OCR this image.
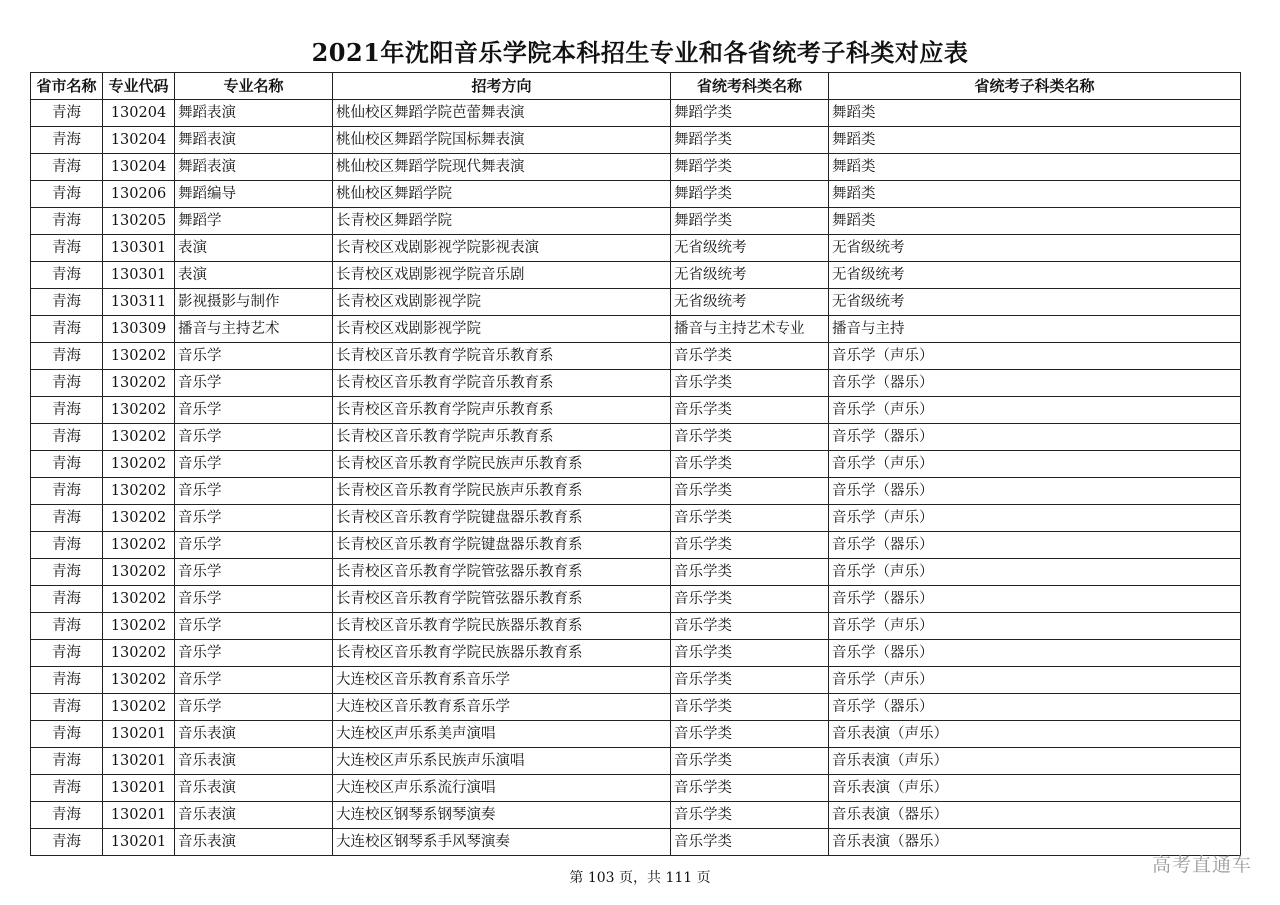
2021年沈阳音乐学院本科招生专业和各省统考子科类对应表
省市名称	专业代码	专业名称	招考方向	省统考科类名称	省统考子科类名称
青海	130204	舞蹈表演	桃仙校区舞蹈学院芭蕾舞表演	舞蹈学类	舞蹈类
青海	130204	舞蹈表演	桃仙校区舞蹈学院国标舞表演	舞蹈学类	舞蹈类
青海	130204	舞蹈表演	桃仙校区舞蹈学院现代舞表演	舞蹈学类	舞蹈类
青海	130206	舞蹈编导	桃仙校区舞蹈学院	舞蹈学类	舞蹈类
青海	130205	舞蹈学	长青校区舞蹈学院	舞蹈学类	舞蹈类
青海	130301	表演	长青校区戏剧影视学院影视表演	无省级统考	无省级统考
青海	130301	表演	长青校区戏剧影视学院音乐剧	无省级统考	无省级统考
青海	130311	影视摄影与制作	长青校区戏剧影视学院	无省级统考	无省级统考
青海	130309	播音与主持艺术	长青校区戏剧影视学院	播音与主持艺术专业	播音与主持
青海	130202	音乐学	长青校区音乐教育学院音乐教育系	音乐学类	音乐学（声乐）
青海	130202	音乐学	长青校区音乐教育学院音乐教育系	音乐学类	音乐学（器乐）
青海	130202	音乐学	长青校区音乐教育学院声乐教育系	音乐学类	音乐学（声乐）
青海	130202	音乐学	长青校区音乐教育学院声乐教育系	音乐学类	音乐学（器乐）
青海	130202	音乐学	长青校区音乐教育学院民族声乐教育系	音乐学类	音乐学（声乐）
青海	130202	音乐学	长青校区音乐教育学院民族声乐教育系	音乐学类	音乐学（器乐）
青海	130202	音乐学	长青校区音乐教育学院键盘器乐教育系	音乐学类	音乐学（声乐）
青海	130202	音乐学	长青校区音乐教育学院键盘器乐教育系	音乐学类	音乐学（器乐）
青海	130202	音乐学	长青校区音乐教育学院管弦器乐教育系	音乐学类	音乐学（声乐）
青海	130202	音乐学	长青校区音乐教育学院管弦器乐教育系	音乐学类	音乐学（器乐）
青海	130202	音乐学	长青校区音乐教育学院民族器乐教育系	音乐学类	音乐学（声乐）
青海	130202	音乐学	长青校区音乐教育学院民族器乐教育系	音乐学类	音乐学（器乐）
青海	130202	音乐学	大连校区音乐教育系音乐学	音乐学类	音乐学（声乐）
青海	130202	音乐学	大连校区音乐教育系音乐学	音乐学类	音乐学（器乐）
青海	130201	音乐表演	大连校区声乐系美声演唱	音乐学类	音乐表演（声乐）
青海	130201	音乐表演	大连校区声乐系民族声乐演唱	音乐学类	音乐表演（声乐）
青海	130201	音乐表演	大连校区声乐系流行演唱	音乐学类	音乐表演（声乐）
青海	130201	音乐表演	大连校区钢琴系钢琴演奏	音乐学类	音乐表演（器乐）
青海	130201	音乐表演	大连校区钢琴系手风琴演奏	音乐学类	音乐表演（器乐）
第 103 页，共 111 页
高考直通车
